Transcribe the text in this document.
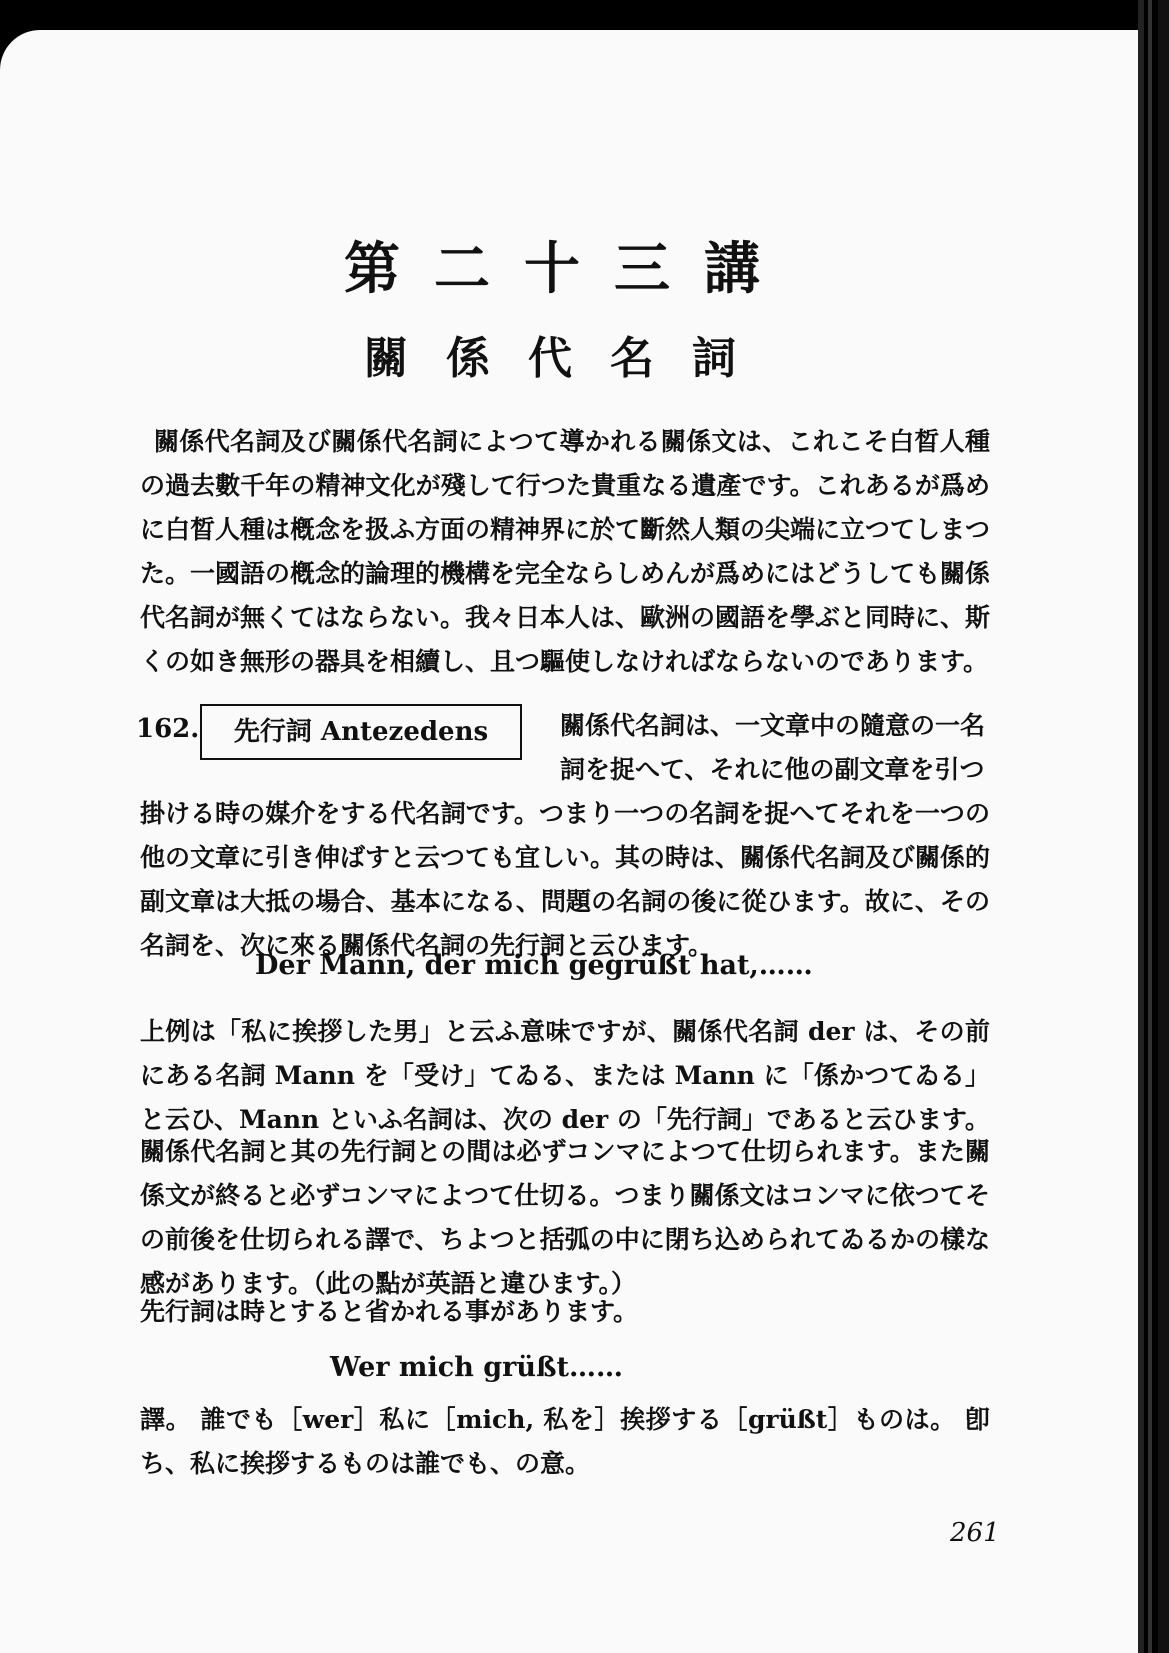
第二十三講
關係代名詞

關係代名詞及び關係代名詞によつて導かれる關係文は、これこそ白晳人種の過去數千年の精神文化が殘して行つた貴重なる遺產です。これあるが爲めに白晳人種は槪念を扱ふ方面の精神界に於て斷然人類の尖端に立つてしまつた。一國語の槪念的論理的機構を完全ならしめんが爲めにはどうしても關係代名詞が無くてはならない。我々日本人は、歐洲の國語を學ぶと同時に、斯くの如き無形の器具を相續し、且つ驅使しなければならないのであります。

162.	先行詞 Antezedens	關係代名詞は、一文章中の隨意の一名詞を捉へて、それに他の副文章を引つ

掛ける時の媒介をする代名詞です。つまり一つの名詞を捉へてそれを一つの他の文章に引き伸ばすと云つても宜しい。其の時は、關係代名詞及び關係的副文章は大抵の場合、基本になる、問題の名詞の後に從ひます。故に、その名詞を、次に來る關係代名詞の先行詞と云ひます。

Der Mann, der mich gegrüßt hat,……

上例は「私に挨拶した男」と云ふ意味ですが、關係代名詞 der は、その前にある名詞 Mann を「受け」てゐる、または Mann に「係かつてゐる」と云ひ、Mann といふ名詞は、次の der の「先行詞」であると云ひます。

關係代名詞と其の先行詞との間は必ずコンマによつて仕切られます。また關係文が終ると必ずコンマによつて仕切る。つまり關係文はコンマに依つてその前後を仕切られる譯で、ちよつと括弧の中に閉ち込められてゐるかの樣な感があります。（此の點が英語と違ひます。）

先行詞は時とすると省かれる事があります。

Wer mich grüßt……

譯。 誰でも［wer］私に［mich, 私を］挨拶する［grüßt］ものは。 卽ち、私に挨拶するものは誰でも、の意。

261
